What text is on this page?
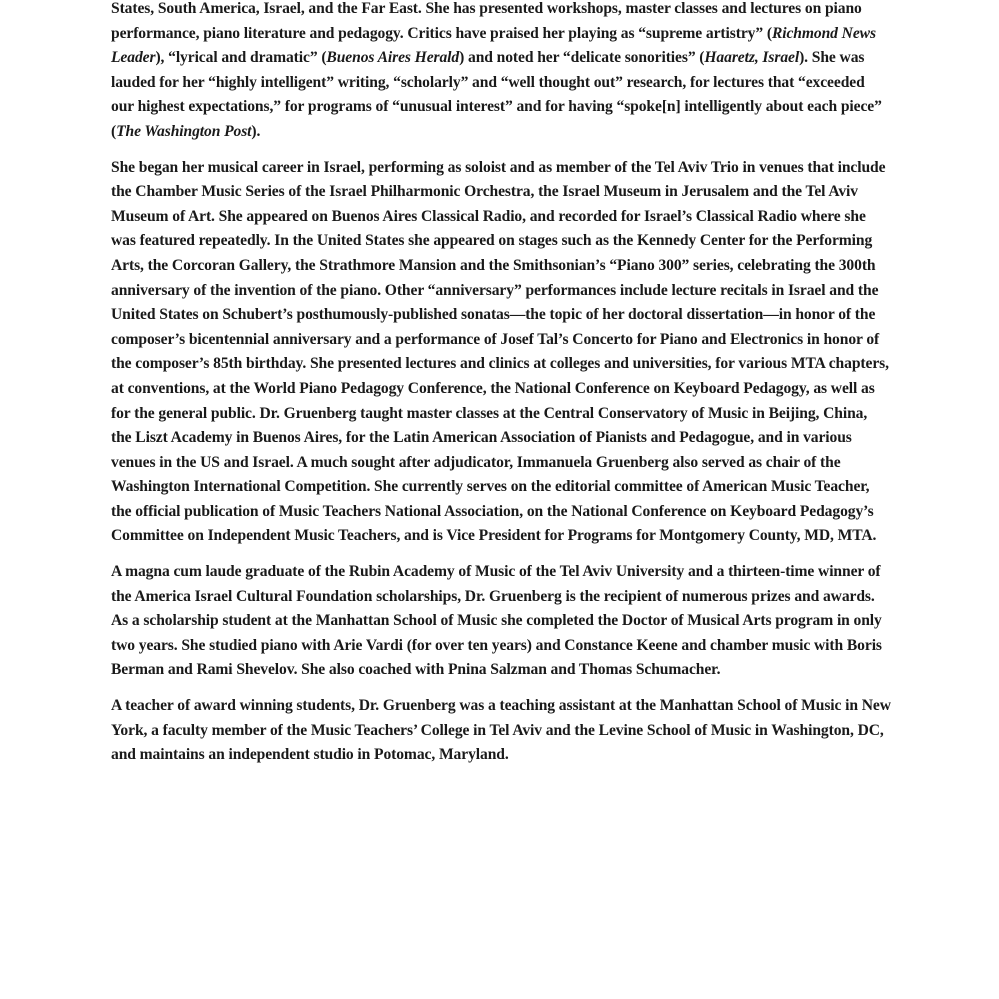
States, South America, Israel, and the Far East. She has presented workshops, master classes and lectures on piano performance, piano literature and pedagogy. Critics have praised her playing as “supreme artistry” (Richmond News Leader), “lyrical and dramatic” (Buenos Aires Herald) and noted her “delicate sonorities” (Haaretz, Israel). She was lauded for her “highly intelligent” writing, “scholarly” and “well thought out” research, for lectures that “exceeded our highest expectations,” for programs of “unusual interest” and for having “spoke[n] intelligently about each piece” (The Washington Post).

She began her musical career in Israel, performing as soloist and as member of the Tel Aviv Trio in venues that include the Chamber Music Series of the Israel Philharmonic Orchestra, the Israel Museum in Jerusalem and the Tel Aviv Museum of Art. She appeared on Buenos Aires Classical Radio, and recorded for Israel’s Classical Radio where she was featured repeatedly. In the United States she appeared on stages such as the Kennedy Center for the Performing Arts, the Corcoran Gallery, the Strathmore Mansion and the Smithsonian’s “Piano 300” series, celebrating the 300th anniversary of the invention of the piano. Other “anniversary” performances include lecture recitals in Israel and the United States on Schubert’s posthumously-published sonatas—the topic of her doctoral dissertation—in honor of the composer’s bicentennial anniversary and a performance of Josef Tal’s Concerto for Piano and Electronics in honor of the composer’s 85th birthday. She presented lectures and clinics at colleges and universities, for various MTA chapters, at conventions, at the World Piano Pedagogy Conference, the National Conference on Keyboard Pedagogy, as well as for the general public. Dr. Gruenberg taught master classes at the Central Conservatory of Music in Beijing, China, the Liszt Academy in Buenos Aires, for the Latin American Association of Pianists and Pedagogue, and in various venues in the US and Israel. A much sought after adjudicator, Immanuela Gruenberg also served as chair of the Washington International Competition. She currently serves on the editorial committee of American Music Teacher, the official publication of Music Teachers National Association, on the National Conference on Keyboard Pedagogy’s Committee on Independent Music Teachers, and is Vice President for Programs for Montgomery County, MD, MTA.

A magna cum laude graduate of the Rubin Academy of Music of the Tel Aviv University and a thirteen-time winner of the America Israel Cultural Foundation scholarships, Dr. Gruenberg is the recipient of numerous prizes and awards. As a scholarship student at the Manhattan School of Music she completed the Doctor of Musical Arts program in only two years. She studied piano with Arie Vardi (for over ten years) and Constance Keene and chamber music with Boris Berman and Rami Shevelov. She also coached with Pnina Salzman and Thomas Schumacher.

A teacher of award winning students, Dr. Gruenberg was a teaching assistant at the Manhattan School of Music in New York, a faculty member of the Music Teachers’ College in Tel Aviv and the Levine School of Music in Washington, DC, and maintains an independent studio in Potomac, Maryland.
